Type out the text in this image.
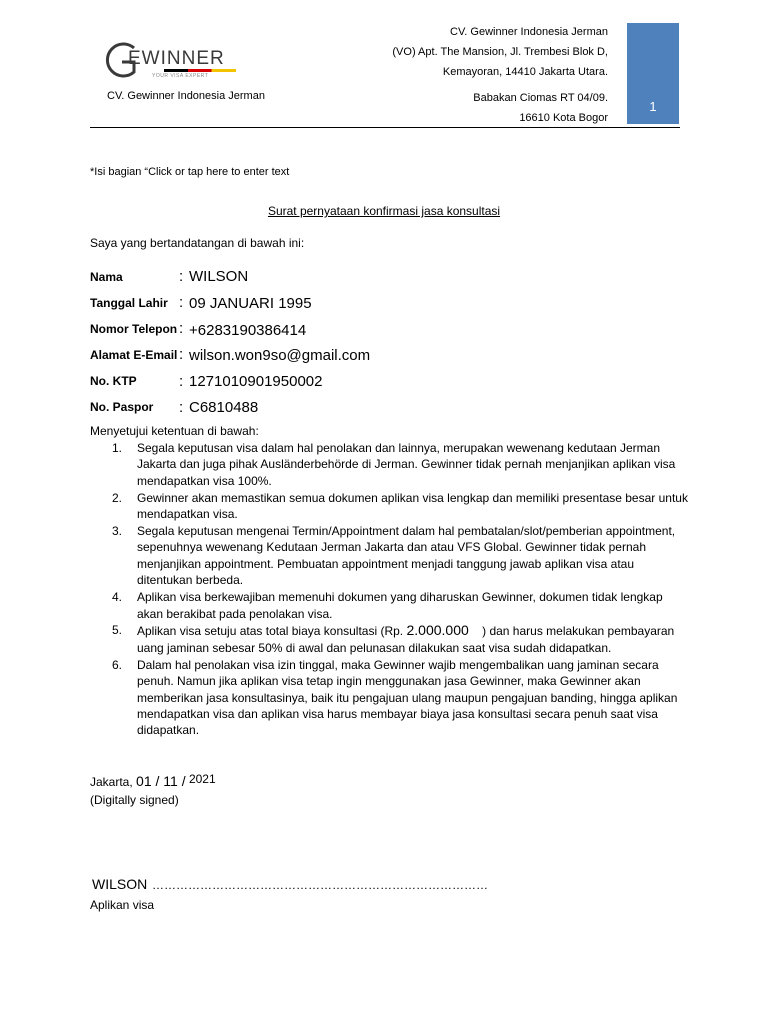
EWINNER
YOUR VISA EXPERT
CV. Gewinner Indonesia Jerman
CV. Gewinner Indonesia Jerman
(VO) Apt. The Mansion, Jl. Trembesi Blok D,
Kemayoran, 14410 Jakarta Utara.
Babakan Ciomas RT 04/09.
16610 Kota Bogor
1
*Isi bagian “Click or tap here to enter text
Surat pernyataan konfirmasi jasa konsultasi
Saya yang bertandatangan di bawah ini:
Nama	: WILSON
Tanggal Lahir : 09 JANUARI 1995
Nomor Telepon : +6283190386414
Alamat E-Email : wilson.won9so@gmail.com
No. KTP	: 1271010901950002
No. Paspor : C6810488
Menyetujui ketentuan di bawah:
1. Segala keputusan visa dalam hal penolakan dan lainnya, merupakan wewenang kedutaan Jerman Jakarta dan juga pihak Ausländerbehörde di Jerman. Gewinner tidak pernah menjanjikan aplikan visa mendapatkan visa 100%.
2. Gewinner akan memastikan semua dokumen aplikan visa lengkap dan memiliki presentase besar untuk mendapatkan visa.
3. Segala keputusan mengenai Termin/Appointment dalam hal pembatalan/slot/pemberian appointment, sepenuhnya wewenang Kedutaan Jerman Jakarta dan atau VFS Global. Gewinner tidak pernah menjanjikan appointment. Pembuatan appointment menjadi tanggung jawab aplikan visa atau ditentukan berbeda.
4. Aplikan visa berkewajiban memenuhi dokumen yang diharuskan Gewinner, dokumen tidak lengkap akan berakibat pada penolakan visa.
5. Aplikan visa setuju atas total biaya konsultasi (Rp. 2.000.000    ) dan harus melakukan pembayaran uang jaminan sebesar 50% di awal dan pelunasan dilakukan saat visa sudah didapatkan.
6. Dalam hal penolakan visa izin tinggal, maka Gewinner wajib mengembalikan uang jaminan secara penuh. Namun jika aplikan visa tetap ingin menggunakan jasa Gewinner, maka Gewinner akan memberikan jasa konsultasinya, baik itu pengajuan ulang maupun pengajuan banding, hingga aplikan mendapatkan visa dan aplikan visa harus membayar biaya jasa konsultasi secara penuh saat visa didapatkan.
Jakarta, 01 / 11 / 2021
(Digitally signed)
WILSON …………………………………………………………………………
Aplikan visa
